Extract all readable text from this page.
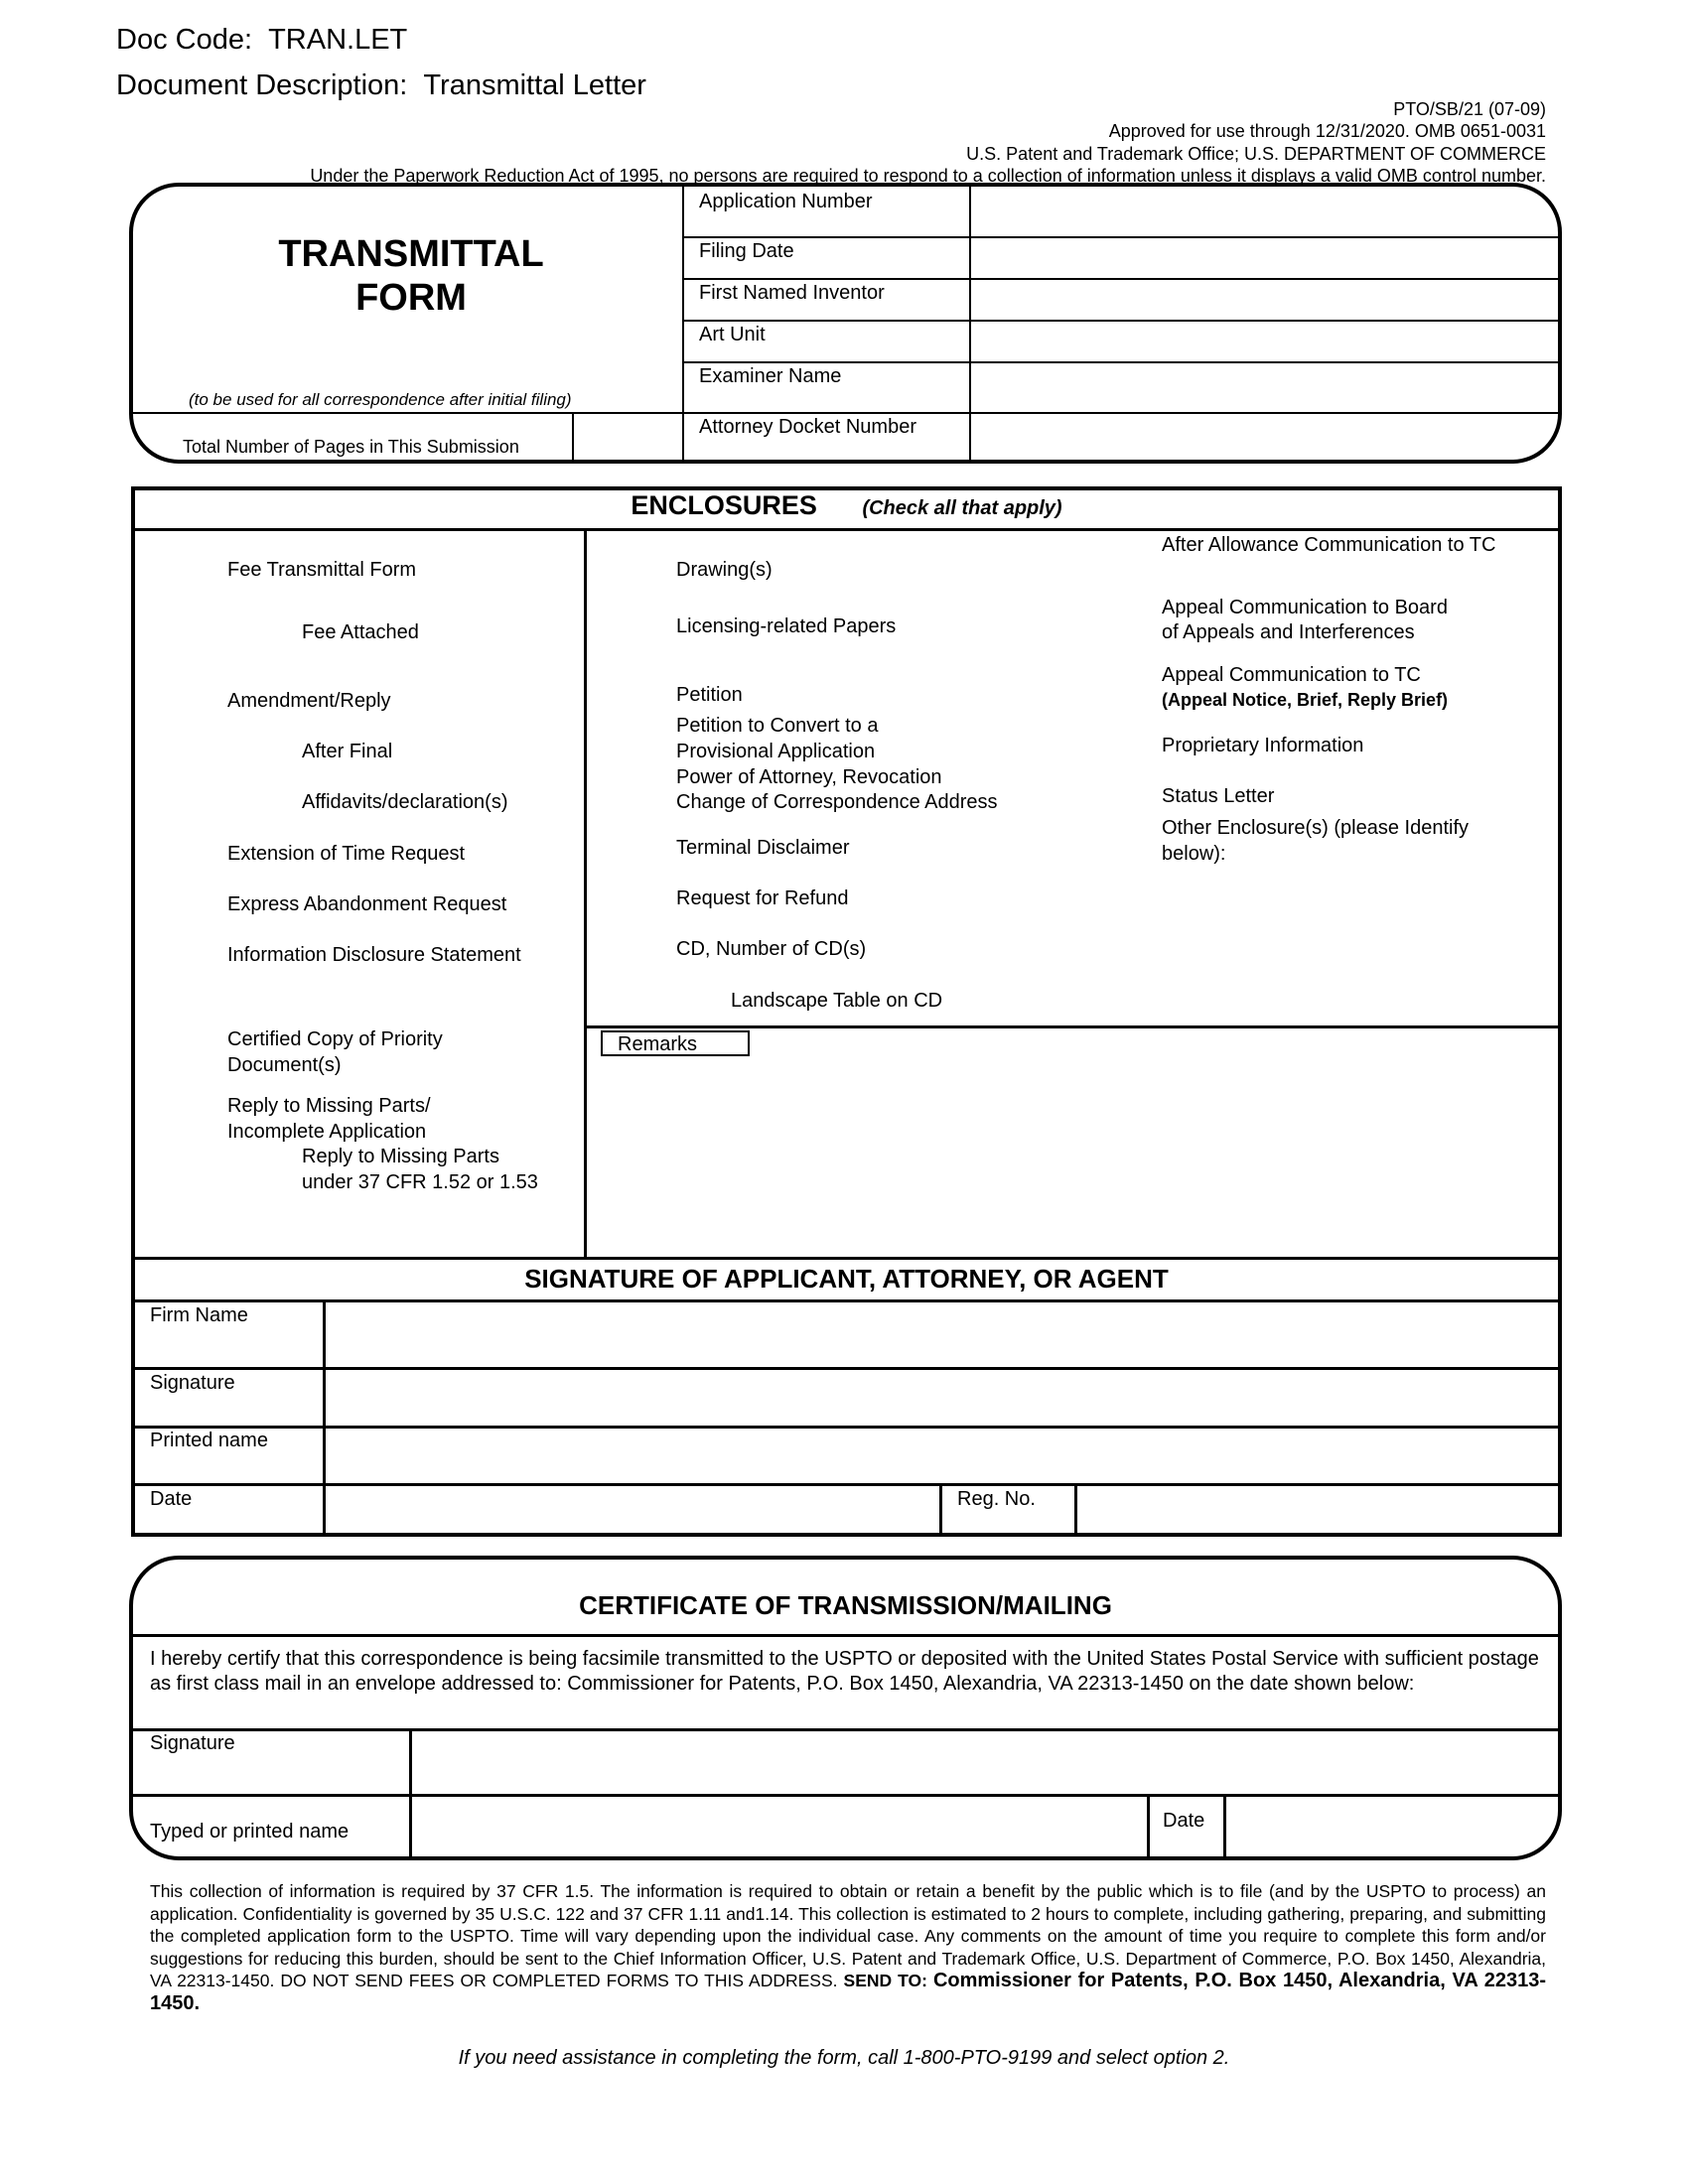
Doc Code: TRAN.LET
Document Description: Transmittal Letter
PTO/SB/21 (07-09)
Approved for use through 12/31/2020. OMB 0651-0031
U.S. Patent and Trademark Office; U.S. DEPARTMENT OF COMMERCE
Under the Paperwork Reduction Act of 1995, no persons are required to respond to a collection of information unless it displays a valid OMB control number.
TRANSMITTAL
FORM
(to be used for all correspondence after initial filing)
Total Number of Pages in This Submission
Application Number
Filing Date
First Named Inventor
Art Unit
Examiner Name
Attorney Docket Number
ENCLOSURES (Check all that apply)
Fee Transmittal Form
Fee Attached
Amendment/Reply
After Final
Affidavits/declaration(s)
Extension of Time Request
Express Abandonment Request
Information Disclosure Statement
Certified Copy of Priority
Document(s)
Reply to Missing Parts/
Incomplete Application
Reply to Missing Parts
under 37 CFR 1.52 or 1.53
Drawing(s)
Licensing-related Papers
Petition
Petition to Convert to a
Provisional Application
Power of Attorney, Revocation
Change of Correspondence Address
Terminal Disclaimer
Request for Refund
CD, Number of CD(s)
Landscape Table on CD
After Allowance Communication to TC
Appeal Communication to Board
of Appeals and Interferences
Appeal Communication to TC
(Appeal Notice, Brief, Reply Brief)
Proprietary Information
Status Letter
Other Enclosure(s) (please Identify
below):
Remarks
SIGNATURE OF APPLICANT, ATTORNEY, OR AGENT
Firm Name
Signature
Printed name
Date	Reg. No.
CERTIFICATE OF TRANSMISSION/MAILING
I hereby certify that this correspondence is being facsimile transmitted to the USPTO or deposited with the United States Postal Service with sufficient postage as first class mail in an envelope addressed to: Commissioner for Patents, P.O. Box 1450, Alexandria, VA 22313-1450 on the date shown below:
Signature
Typed or printed name	Date
This collection of information is required by 37 CFR 1.5. The information is required to obtain or retain a benefit by the public which is to file (and by the USPTO to process) an application. Confidentiality is governed by 35 U.S.C. 122 and 37 CFR 1.11 and1.14. This collection is estimated to 2 hours to complete, including gathering, preparing, and submitting the completed application form to the USPTO. Time will vary depending upon the individual case. Any comments on the amount of time you require to complete this form and/or suggestions for reducing this burden, should be sent to the Chief Information Officer, U.S. Patent and Trademark Office, U.S. Department of Commerce, P.O. Box 1450, Alexandria, VA 22313-1450. DO NOT SEND FEES OR COMPLETED FORMS TO THIS ADDRESS. SEND TO: Commissioner for Patents, P.O. Box 1450, Alexandria, VA 22313-1450.
If you need assistance in completing the form, call 1-800-PTO-9199 and select option 2.
